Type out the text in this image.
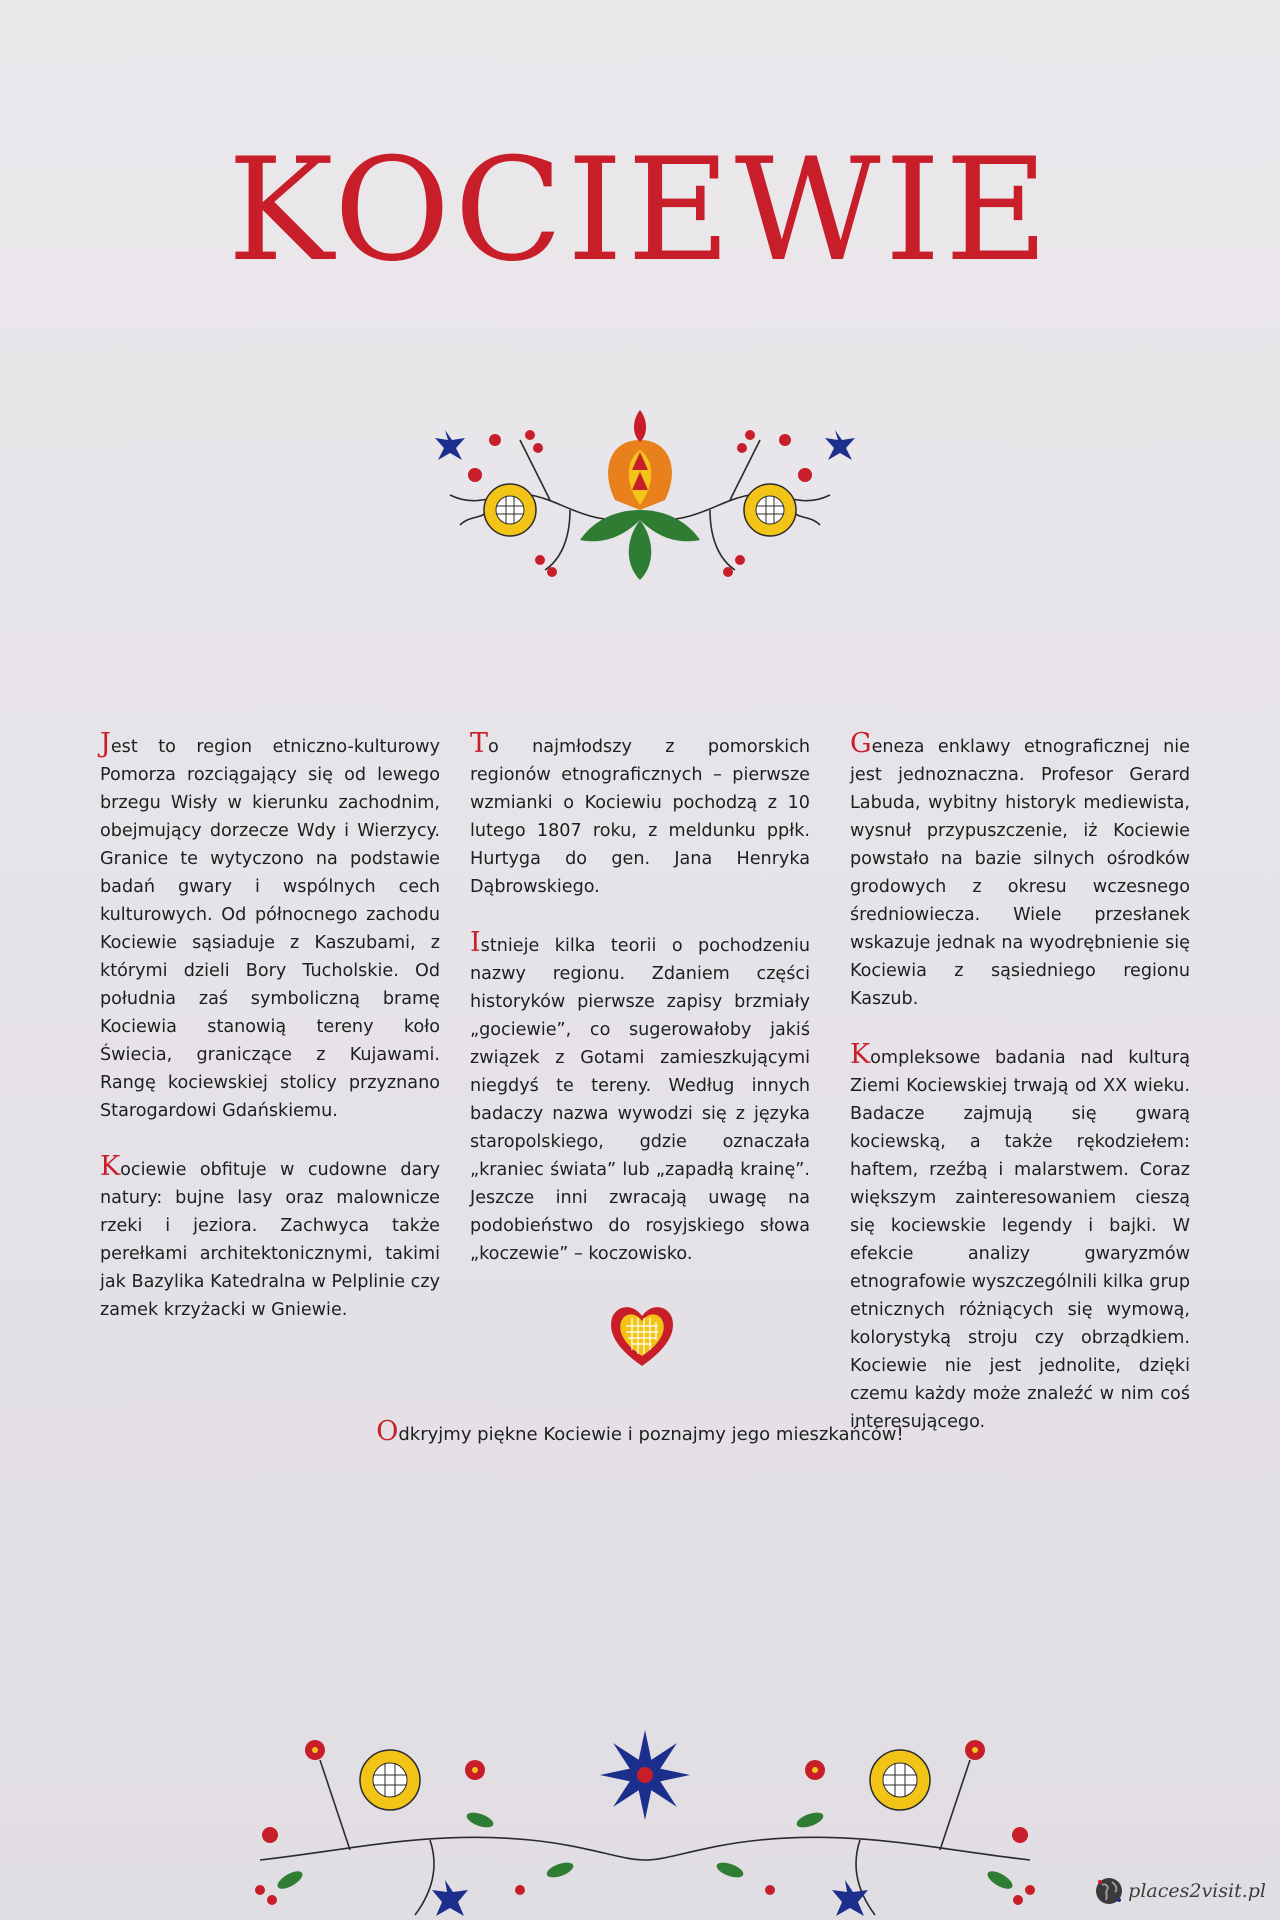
KOCIEWIE

Jest to region etniczno-kulturowy Pomorza rozciągający się od lewego brzegu Wisły w kierunku zachodnim, obejmujący dorzecze Wdy i Wierzycy. Granice te wytyczono na podstawie badań gwary i wspólnych cech kulturowych. Od północnego zachodu Kociewie sąsiaduje z Kaszubami, z którymi dzieli Bory Tucholskie. Od południa zaś symboliczną bramę Kociewia stanowią tereny koło Świecia, graniczące z Kujawami. Rangę kociewskiej stolicy przyznano Starogardowi Gdańskiemu.

Kociewie obfituje w cudowne dary natury: bujne lasy oraz malownicze rzeki i jeziora. Zachwyca także perełkami architektonicznymi, takimi jak Bazylika Katedralna w Pelplinie czy zamek krzyżacki w Gniewie.

To najmłodszy z pomorskich regionów etnograficznych – pierwsze wzmianki o Kociewiu pochodzą z 10 lutego 1807 roku, z meldunku ppłk. Hurtyga do gen. Jana Henryka Dąbrowskiego.

Istnieje kilka teorii o pochodzeniu nazwy regionu. Zdaniem części historyków pierwsze zapisy brzmiały „gociewie”, co sugerowałoby jakiś związek z Gotami zamieszkującymi niegdyś te tereny. Według innych badaczy nazwa wywodzi się z języka staropolskiego, gdzie oznaczała „kraniec świata” lub „zapadłą krainę”. Jeszcze inni zwracają uwagę na podobieństwo do rosyjskiego słowa „koczewie” – koczowisko.

Geneza enklawy etnograficznej nie jest jednoznaczna. Profesor Gerard Labuda, wybitny historyk mediewista, wysnuł przypuszczenie, iż Kociewie powstało na bazie silnych ośrodków grodowych z okresu wczesnego średniowiecza. Wiele przesłanek wskazuje jednak na wyodrębnienie się Kociewia z sąsiedniego regionu Kaszub.

Kompleksowe badania nad kulturą Ziemi Kociewskiej trwają od XX wieku. Badacze zajmują się gwarą kociewską, a także rękodziełem: haftem, rzeźbą i malarstwem. Coraz większym zainteresowaniem cieszą się kociewskie legendy i bajki. W efekcie analizy gwaryzmów etnografowie wyszczególnili kilka grup etnicznych różniących się wymową, kolorystyką stroju czy obrządkiem. Kociewie nie jest jednolite, dzięki czemu każdy może znaleźć w nim coś interesującego.

Odkryjmy piękne Kociewie i poznajmy jego mieszkańców!
places2visit.pl
